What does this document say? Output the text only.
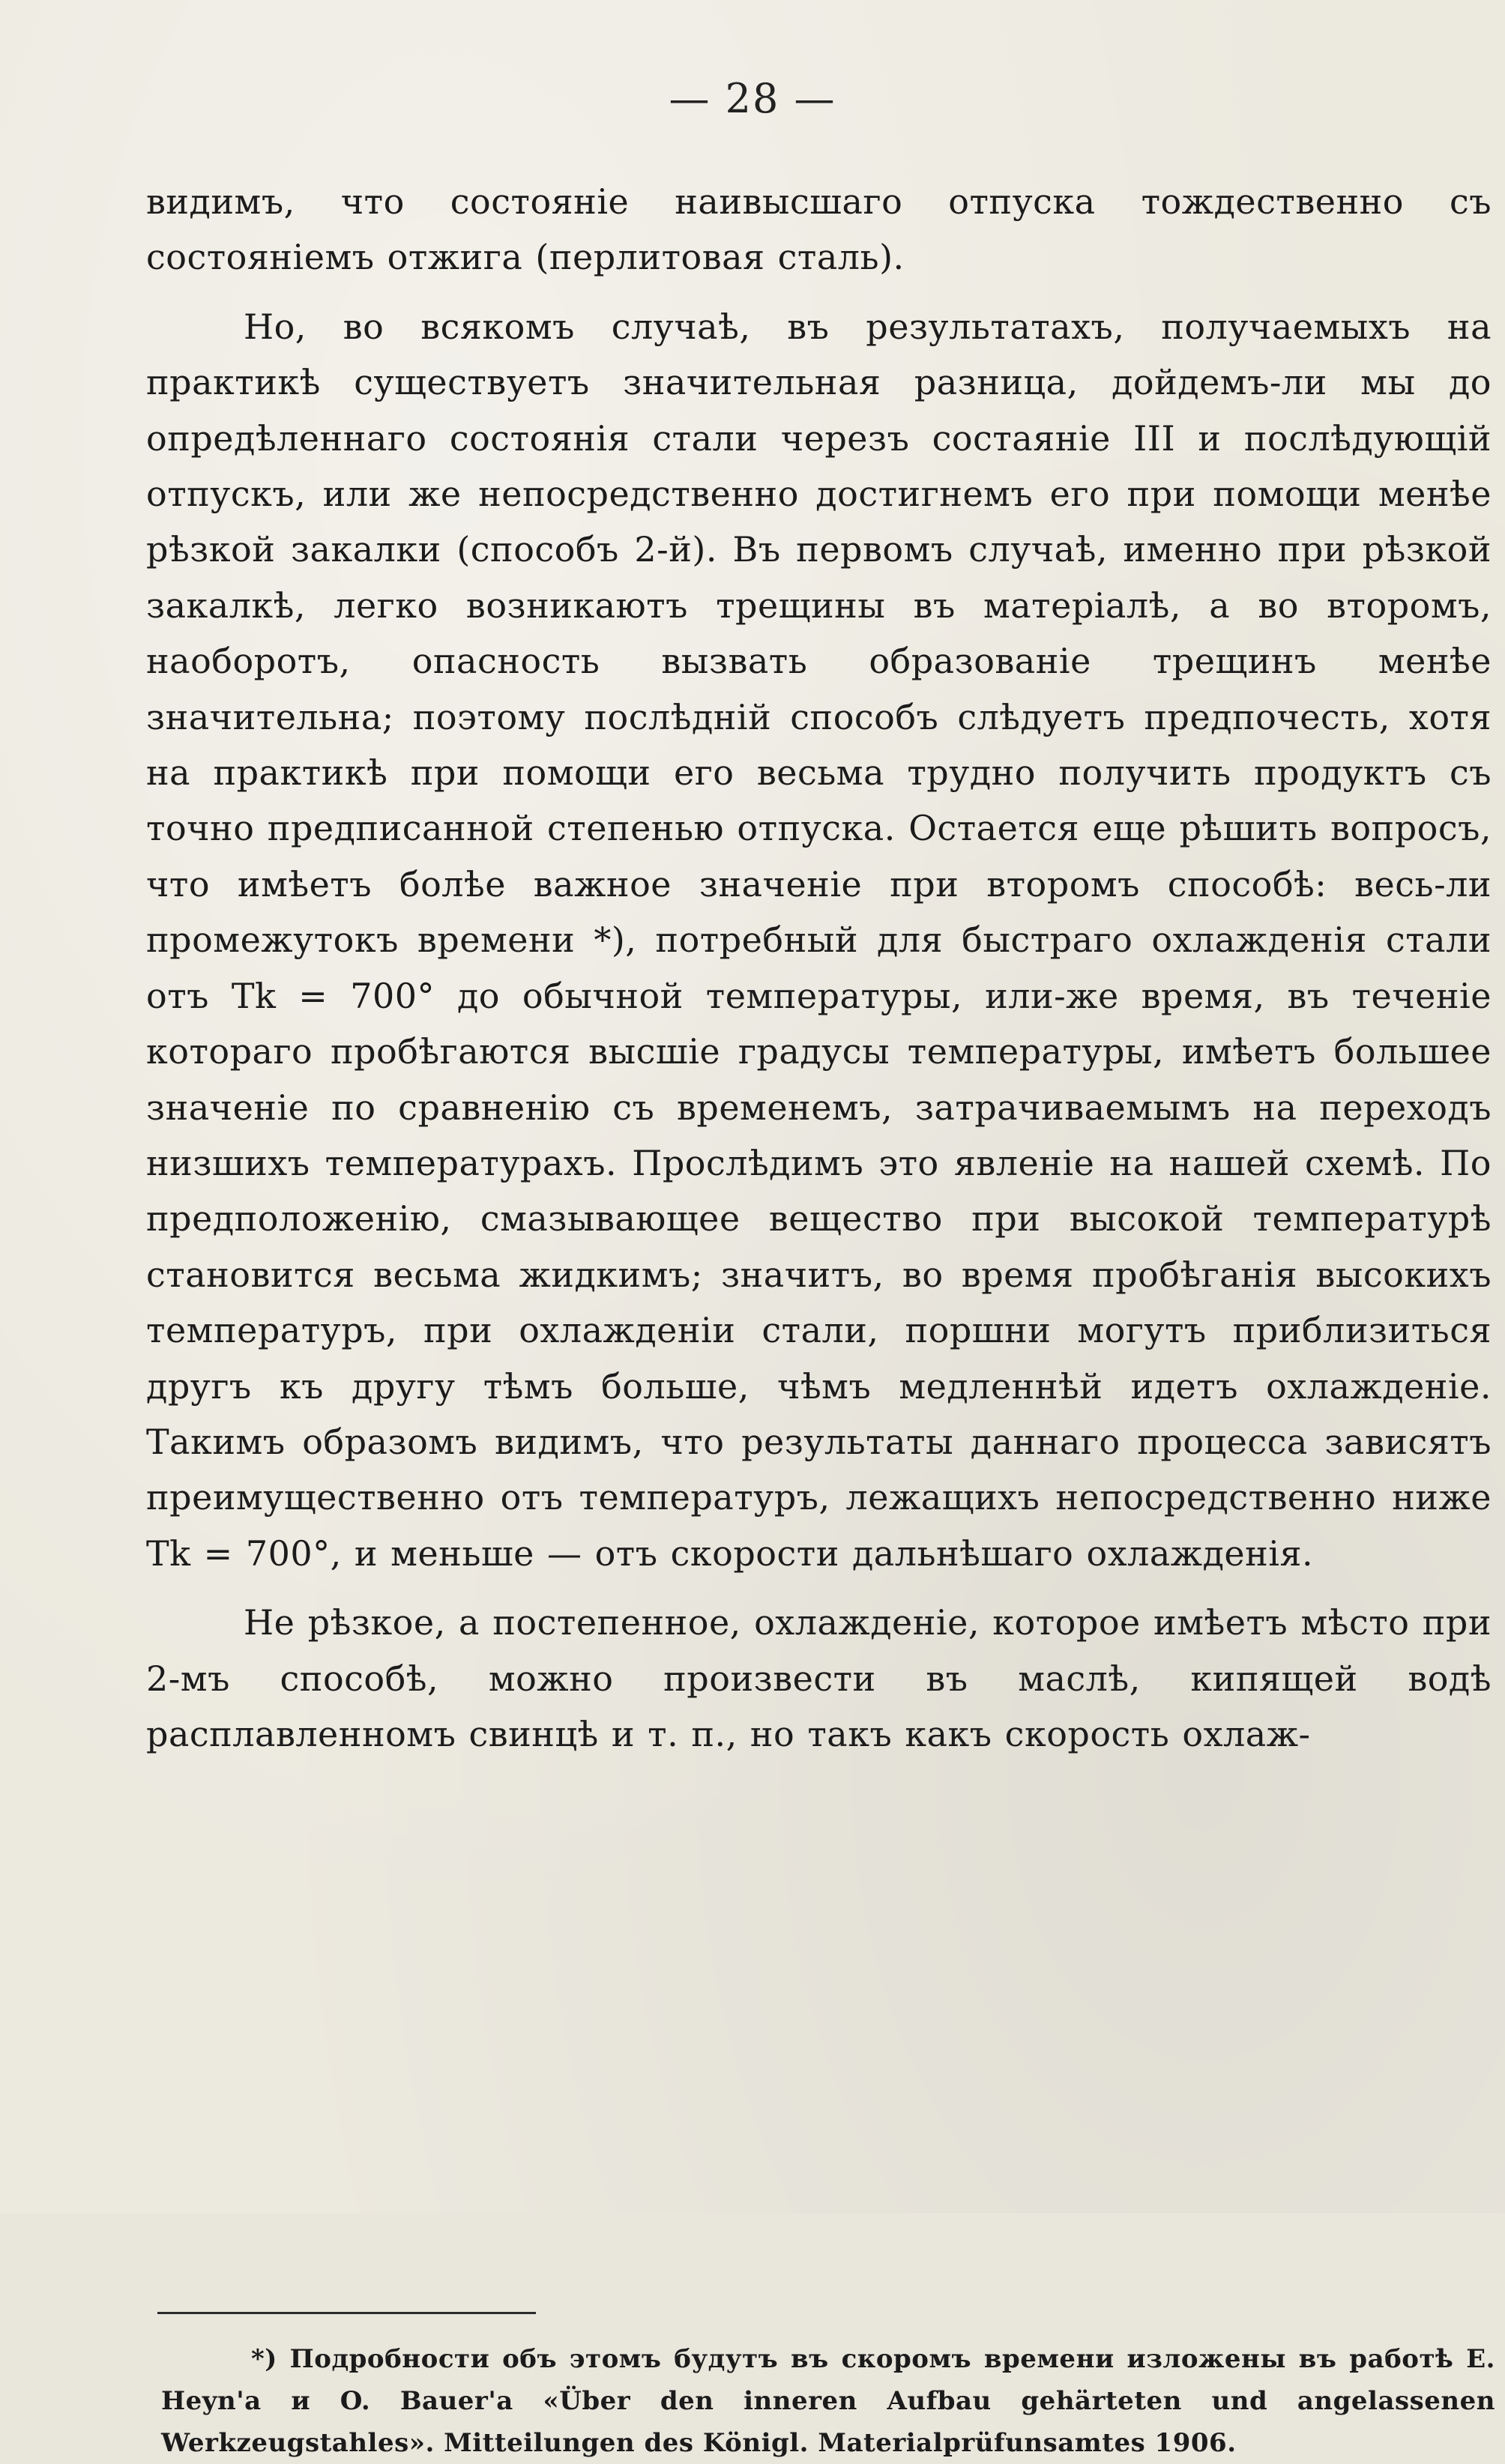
— 28 —

видимъ, что состояніе наивысшаго отпуска тождественно съ состояніемъ отжига (перлитовая сталь).

Но, во всякомъ случаѣ, въ результатахъ, получаемыхъ на практикѣ существуетъ значительная разница, дойдемъ-ли мы до опредѣленнаго состоянія стали черезъ состаяніе III и послѣдующій отпускъ, или же непосредственно достигнемъ его при помощи менѣе рѣзкой закалки (способъ 2-й). Въ первомъ случаѣ, именно при рѣзкой закалкѣ, легко возникаютъ трещины въ матеріалѣ, а во второмъ, наоборотъ, опасность вызвать образованіе трещинъ менѣе значительна; поэтому послѣдній способъ слѣдуетъ предпочесть, хотя на практикѣ при помощи его весьма трудно получить продуктъ съ точно предписанной степенью отпуска. Остается еще рѣшить вопросъ, что имѣетъ болѣе важное значеніе при второмъ способѣ: весь-ли промежутокъ времени *), потребный для быстраго охлажденія стали отъ Tk = 700° до обычной температуры, или-же время, въ теченіе котораго пробѣгаются высшіе градусы температуры, имѣетъ большее значеніе по сравненію съ временемъ, затрачиваемымъ на переходъ низшихъ температурахъ. Прослѣдимъ это явленіе на нашей схемѣ. По предположенію, смазывающее вещество при высокой температурѣ становится весьма жидкимъ; значитъ, во время пробѣганія высокихъ температуръ, при охлажденіи стали, поршни могутъ приблизиться другъ къ другу тѣмъ больше, чѣмъ медленнѣй идетъ охлажденіе. Такимъ образомъ видимъ, что результаты даннаго процесса зависятъ преимущественно отъ температуръ, лежащихъ непосредственно ниже Tk = 700°, и меньше — отъ скорости дальнѣшаго охлажденія.

Не рѣзкое, а постепенное, охлажденіе, которое имѣетъ мѣсто при 2-мъ способѣ, можно произвести въ маслѣ, кипящей водѣ расплавленномъ свинцѣ и т. п., но такъ какъ скорость охлаж-

*) Подробности объ этомъ будутъ въ скоромъ времени изложены въ работѣ E. Heyn'a и O. Bauer'a «Über den inneren Aufbau gehärteten und angelassenen Werkzeugstahles». Mitteilungen des Königl. Materialprüfunsamtes 1906.
